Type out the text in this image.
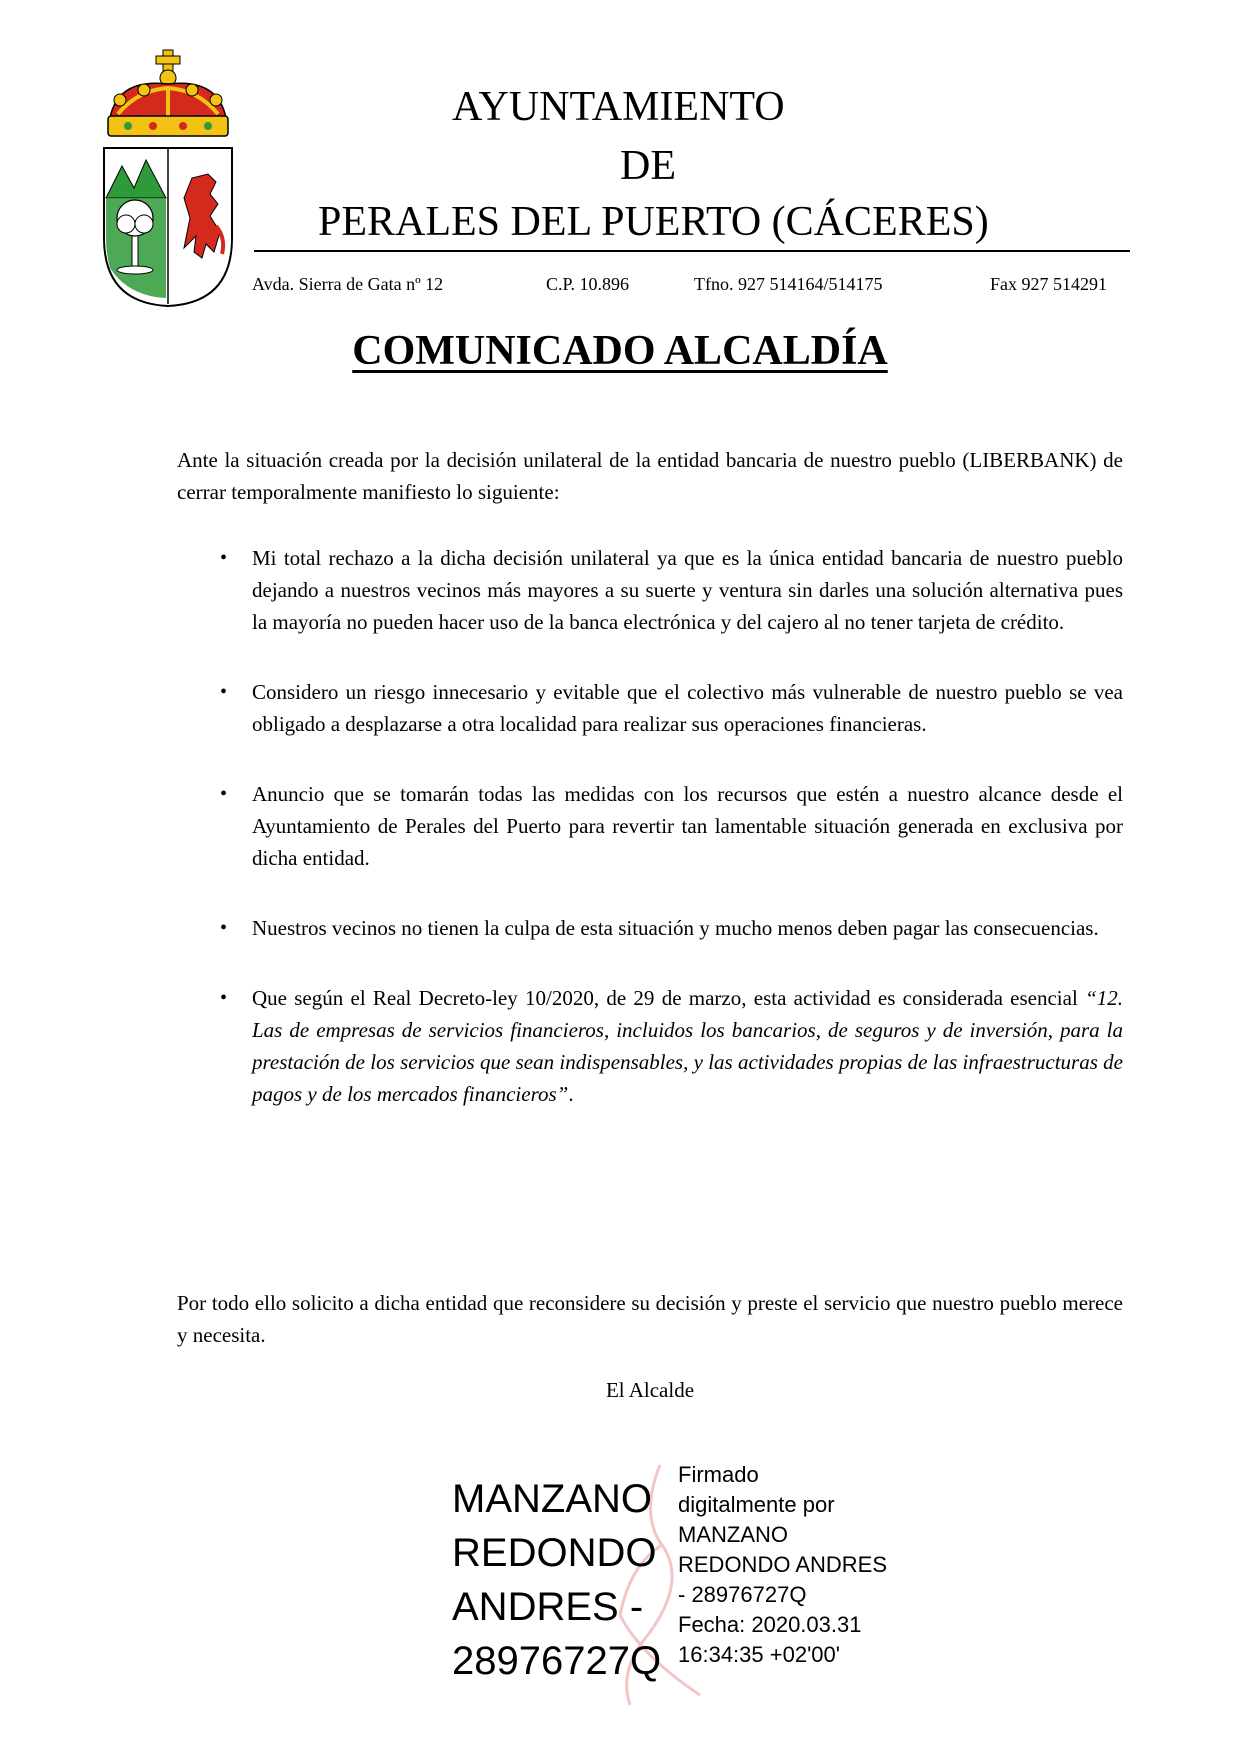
AYUNTAMIENTO
DE
PERALES DEL PUERTO (CÁCERES)
Avda. Sierra de Gata nº 12	C.P. 10.896	Tfno. 927 514164/514175	Fax 927 514291
COMUNICADO ALCALDÍA
Ante la situación creada por la decisión unilateral de la entidad bancaria de nuestro pueblo (LIBERBANK) de cerrar temporalmente manifiesto lo siguiente:
• Mi total rechazo a la dicha decisión unilateral ya que es la única entidad bancaria de nuestro pueblo dejando a nuestros vecinos más mayores a su suerte y ventura sin darles una solución alternativa pues la mayoría no pueden hacer uso de la banca electrónica y del cajero al no tener tarjeta de crédito.
• Considero un riesgo innecesario y evitable que el colectivo más vulnerable de nuestro pueblo se vea obligado a desplazarse a otra localidad para realizar sus operaciones financieras.
• Anuncio que se tomarán todas las medidas con los recursos que estén a nuestro alcance desde el Ayuntamiento de Perales del Puerto para revertir tan lamentable situación generada en exclusiva por dicha entidad.
• Nuestros vecinos no tienen la culpa de esta situación y mucho menos deben pagar las consecuencias.
• Que según el Real Decreto-ley 10/2020, de 29 de marzo, esta actividad es considerada esencial “12. Las de empresas de servicios financieros, incluidos los bancarios, de seguros y de inversión, para la prestación de los servicios que sean indispensables, y las actividades propias de las infraestructuras de pagos y de los mercados financieros”.
Por todo ello solicito a dicha entidad que reconsidere su decisión y preste el servicio que nuestro pueblo merece y necesita.
El Alcalde
MANZANO
REDONDO
ANDRES -
28976727Q
Firmado
digitalmente por
MANZANO
REDONDO ANDRES
- 28976727Q
Fecha: 2020.03.31
16:34:35 +02'00'
